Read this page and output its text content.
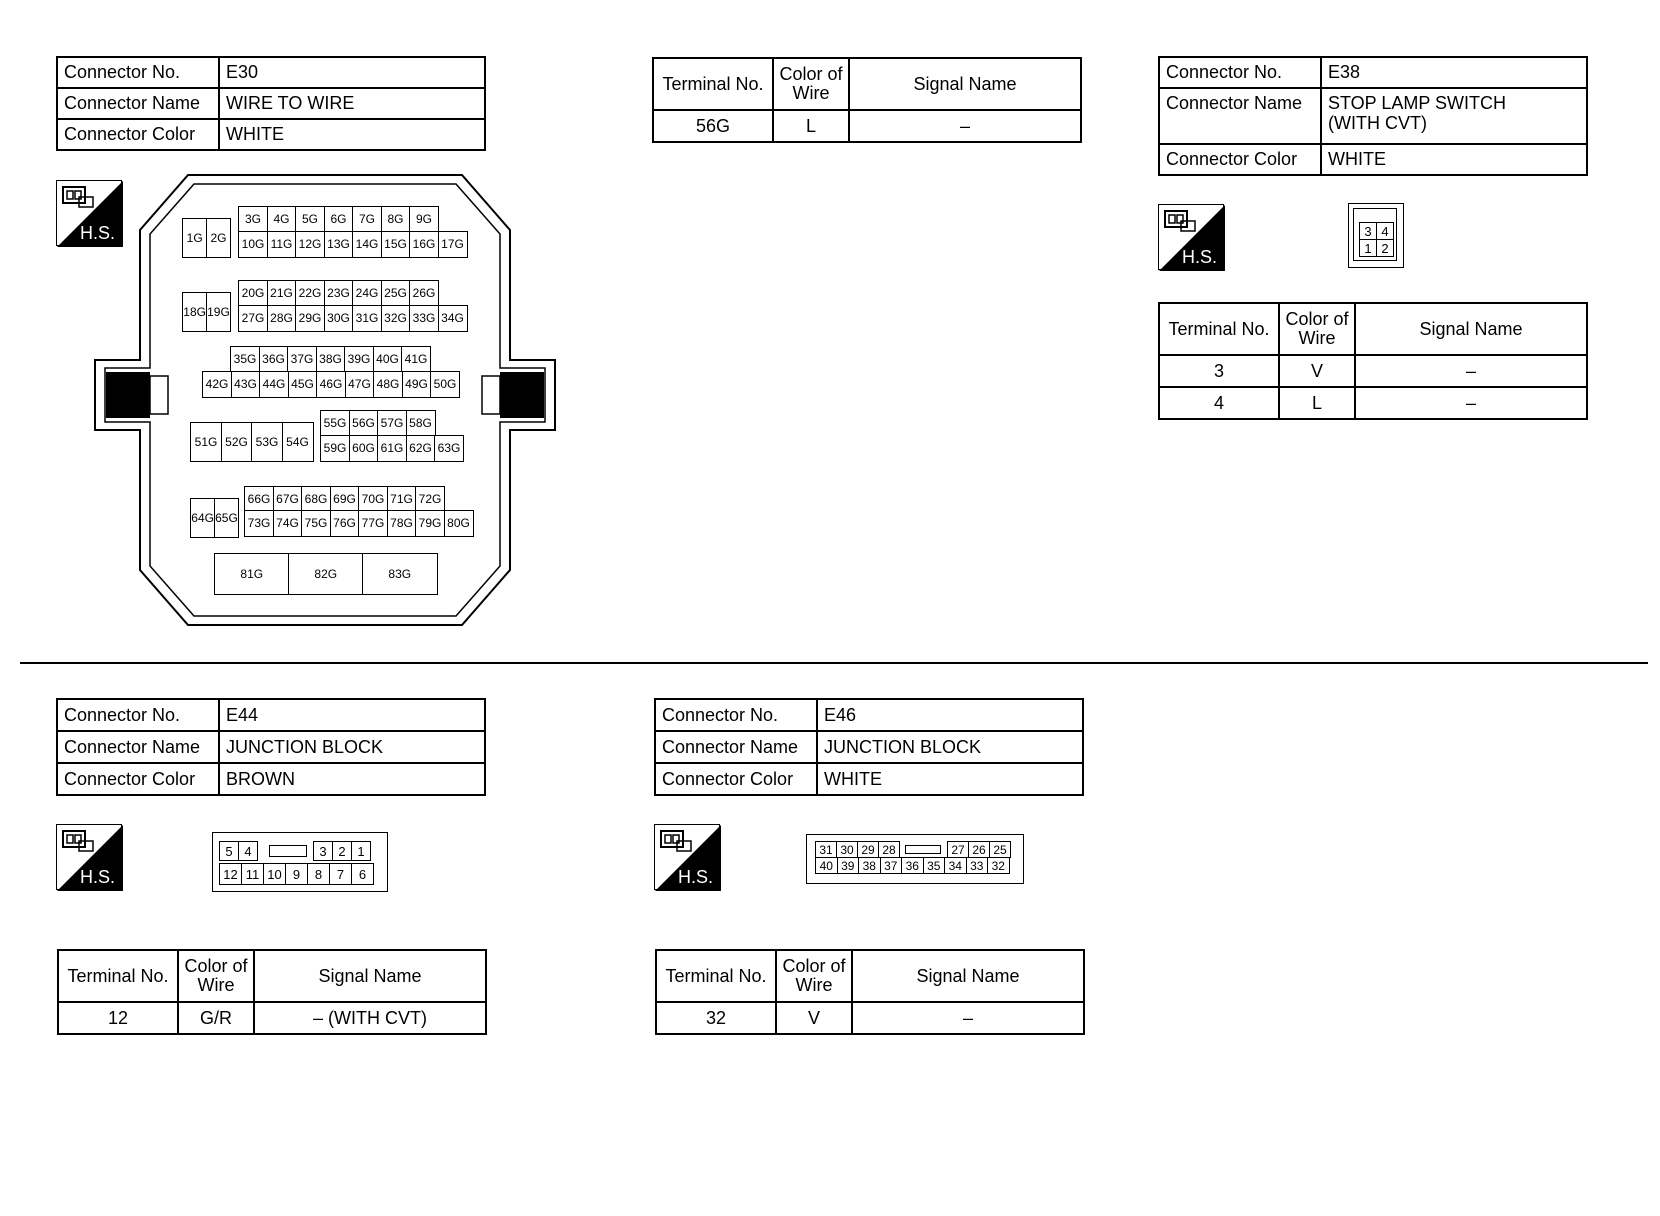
Connector No.	E30
Connector Name	WIRE TO WIRE
Connector Color	WHITE
H.S.
3G	4G	5G	6G	7G	8G	9G
1G 2G	10G 11G 12G 13G 14G 15G 16G 17G
20G 21G 22G 23G 24G 25G 26G
18G 19G 27G 28G 29G 30G 31G 32G 33G 34G
35G 36G 37G 38G 39G 40G 41G
42G 43G 44G 45G 46G 47G 48G 49G 50G
55G 56G 57G 58G
51G 52G 53G 54G	59G 60G 61G 62G 63G
66G 67G 68G 69G 70G 71G 72G
64G 65G 73G 74G 75G 76G 77G 78G 79G 80G
81G	82G	83G
Terminal No.	Color of Wire	Signal Name
56G	L	–
Connector No.	E38
Connector Name	STOP LAMP SWITCH
(WITH CVT)
Connector Color	WHITE
H.S.
3 4
1 2
Terminal No.	Color of Wire	Signal Name
3	V	–
4	L	–
Connector No.	E44
Connector Name	JUNCTION BLOCK
Connector Color	BROWN
H.S.
5 4	3 2 1
12 11 10 9	8	7	6
Terminal No.	Color of Wire	Signal Name
12	G/R	– (WITH CVT)
Connector No.	E46
Connector Name	JUNCTION BLOCK
Connector Color	WHITE
H.S.
31 30 29 28	27 26 25
40 39 38 37 36 35 34 33 32
Terminal No.	Color of Wire	Signal Name
32	V	–
